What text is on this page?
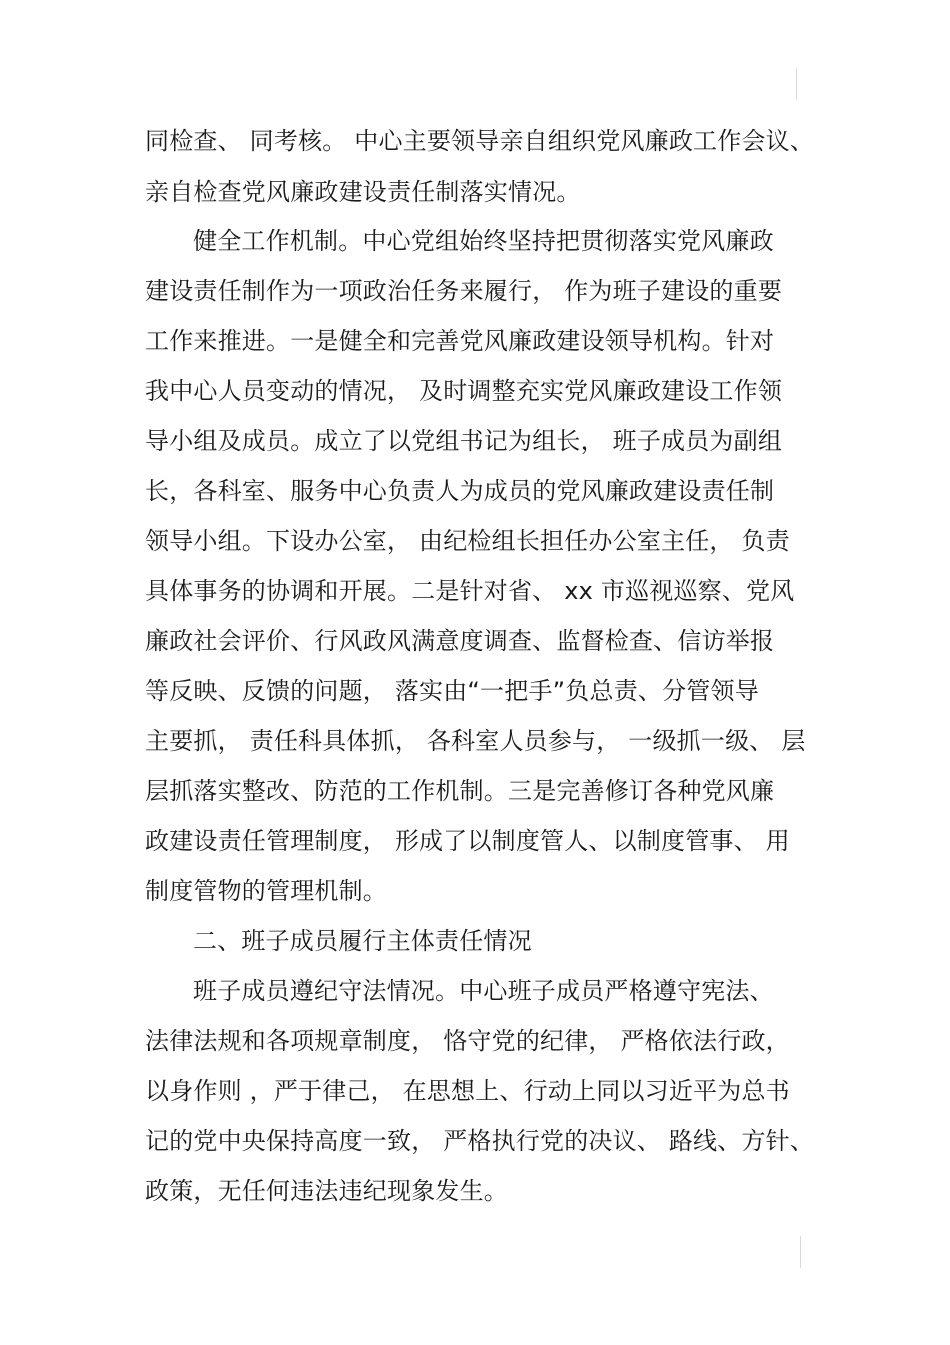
同检查、 同考核。 中心主要领导亲自组织党风廉政工作会议、
亲自检查党风廉政建设责任制落实情况。
健全工作机制。中心党组始终坚持把贯彻落实党风廉政
建设责任制作为一项政治任务来履行， 作为班子建设的重要
工作来推进。一是健全和完善党风廉政建设领导机构。针对
我中心人员变动的情况， 及时调整充实党风廉政建设工作领
导小组及成员。成立了以党组书记为组长， 班子成员为副组
长，各科室、服务中心负责人为成员的党风廉政建设责任制
领导小组。下设办公室， 由纪检组长担任办公室主任， 负责
具体事务的协调和开展。二是针对省、 xx 市巡视巡察、党风
廉政社会评价、行风政风满意度调查、监督检查、信访举报
等反映、反馈的问题， 落实由“一把手”负总责、分管领导
主要抓， 责任科具体抓， 各科室人员参与， 一级抓一级、 层
层抓落实整改、防范的工作机制。三是完善修订各种党风廉
政建设责任管理制度， 形成了以制度管人、以制度管事、 用
制度管物的管理机制。
二、班子成员履行主体责任情况
班子成员遵纪守法情况。中心班子成员严格遵守宪法、
法律法规和各项规章制度， 恪守党的纪律， 严格依法行政，
以身作则 ，严于律己， 在思想上、行动上同以习近平为总书
记的党中央保持高度一致， 严格执行党的决议、 路线、方针、
政策，无任何违法违纪现象发生。
